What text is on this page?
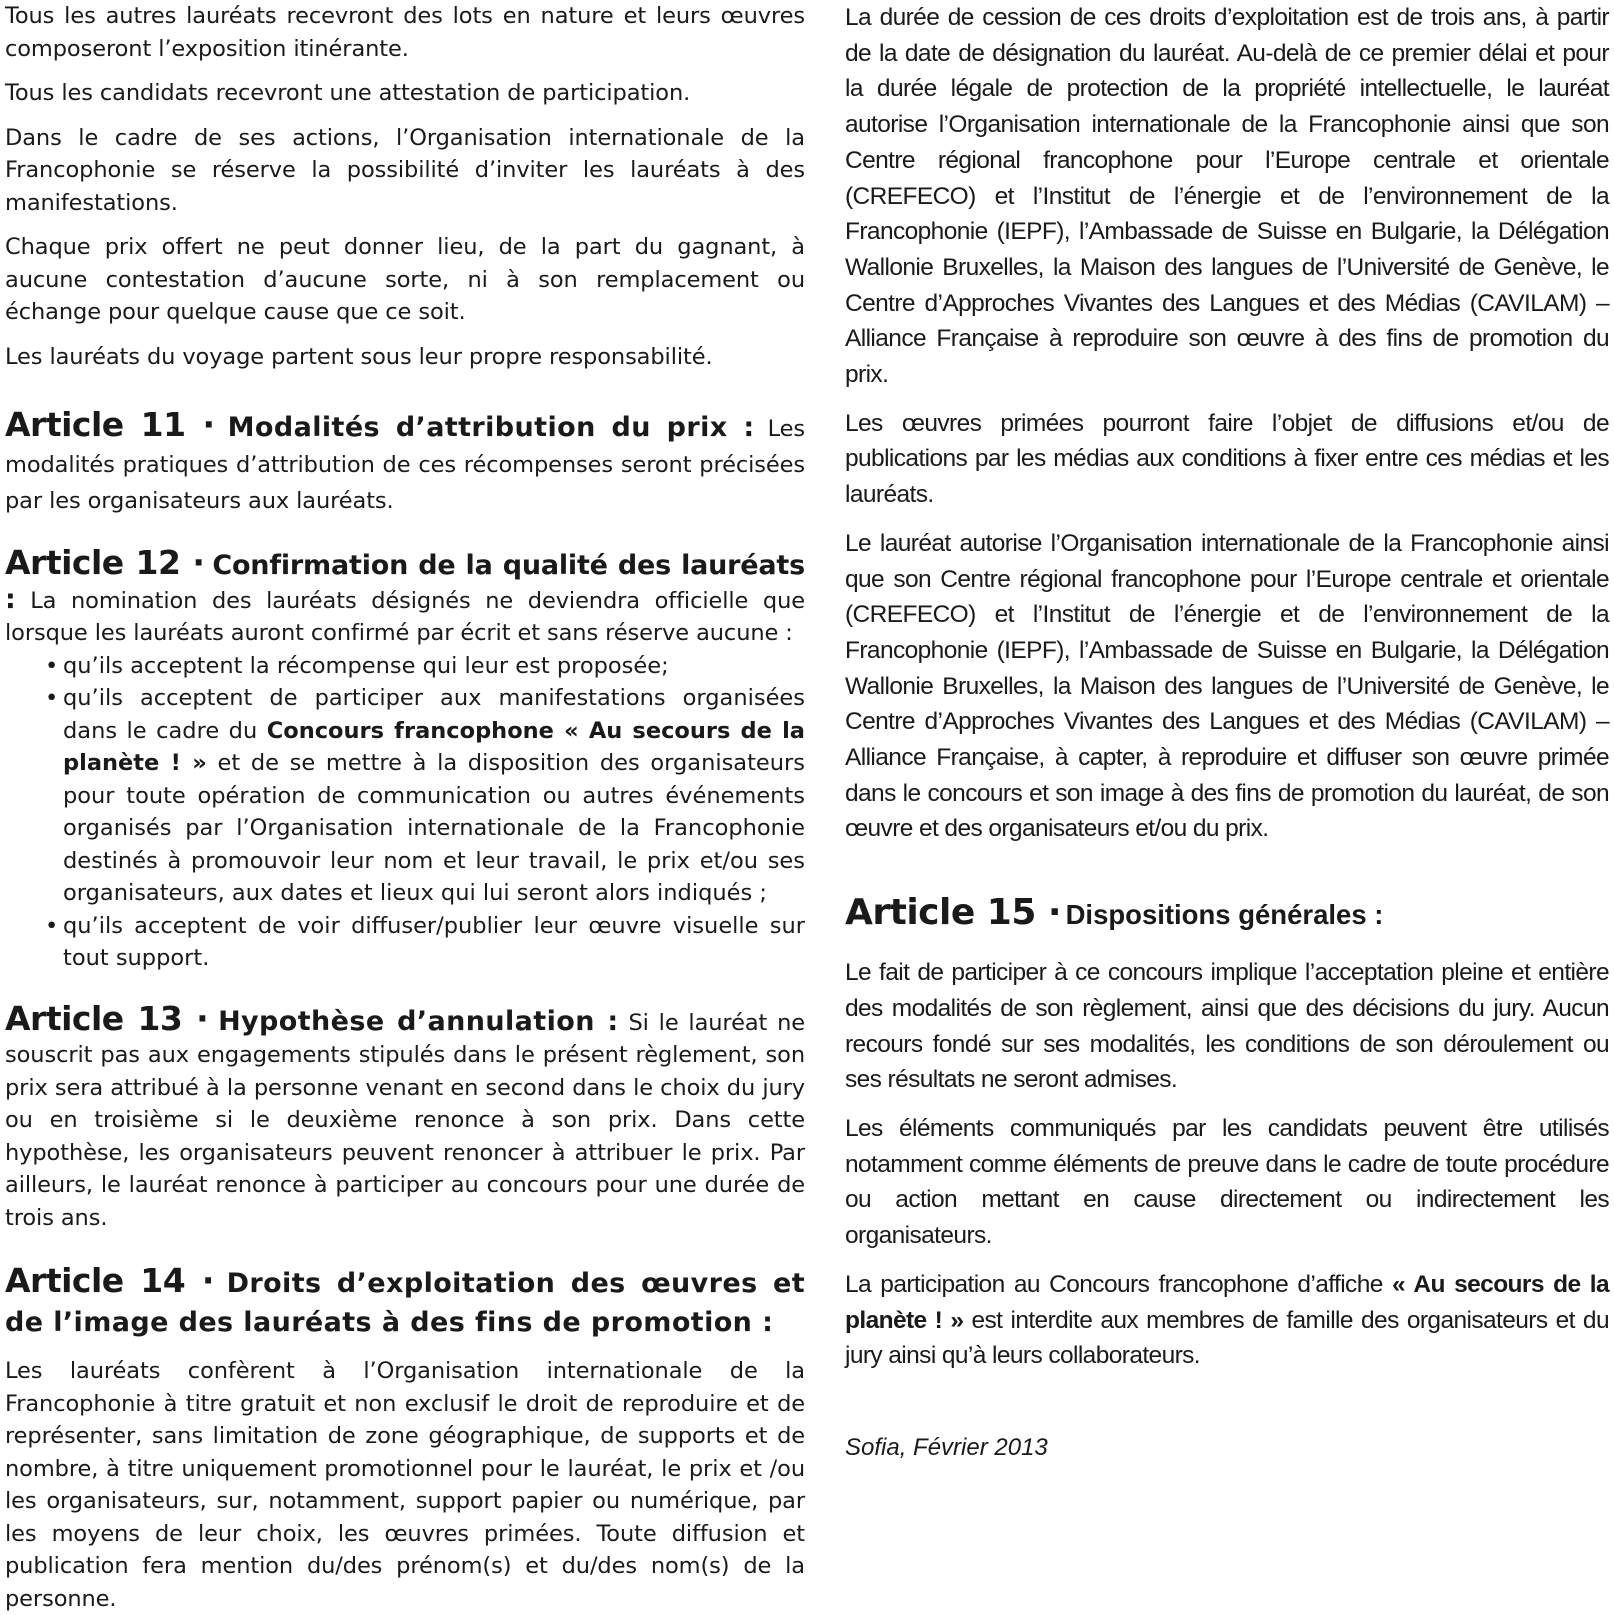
Tous les autres lauréats recevront des lots en nature et leurs œuvres composeront l’exposition itinérante.

Tous les candidats recevront une attestation de participation.

Dans le cadre de ses actions, l’Organisation internationale de la Francophonie se réserve la possibilité d’inviter les lauréats à des manifestations.

Chaque prix offert ne peut donner lieu, de la part du gagnant, à aucune contestation d’aucune sorte, ni à son remplacement ou échange pour quelque cause que ce soit.

Les lauréats du voyage partent sous leur propre responsabilité.

Article 11 · Modalités d’attribution du prix : Les modalités pratiques d’attribution de ces récompenses seront précisées par les organisateurs aux lauréats.

Article 12 · Confirmation de la qualité des lauréats : La nomination des lauréats désignés ne deviendra officielle que lorsque les lauréats auront confirmé par écrit et sans réserve aucune :

• qu’ils acceptent la récompense qui leur est proposée;
• qu’ils acceptent de participer aux manifestations organisées dans le cadre du Concours francophone « Au secours de la planète ! » et de se mettre à la disposition des organisateurs pour toute opération de communication ou autres événements organisés par l’Organisation internationale de la Francophonie destinés à promouvoir leur nom et leur travail, le prix et/ou ses organisateurs, aux dates et lieux qui lui seront alors indiqués ;
• qu’ils acceptent de voir diffuser/publier leur œuvre visuelle sur tout support.

Article 13 · Hypothèse d’annulation : Si le lauréat ne souscrit pas aux engagements stipulés dans le présent règlement, son prix sera attribué à la personne venant en second dans le choix du jury ou en troisième si le deuxième renonce à son prix. Dans cette hypothèse, les organisateurs peuvent renoncer à attribuer le prix. Par ailleurs, le lauréat renonce à participer au concours pour une durée de trois ans.

Article 14 · Droits d’exploitation des œuvres et de l’image des lauréats à des fins de promotion :

Les lauréats confèrent à l’Organisation internationale de la Francophonie à titre gratuit et non exclusif le droit de reproduire et de représenter, sans limitation de zone géographique, de supports et de nombre, à titre uniquement promotionnel pour le lauréat, le prix et /ou les organisateurs, sur, notamment, support papier ou numérique, par les moyens de leur choix, les œuvres primées. Toute diffusion et publication fera mention du/des prénom(s) et du/des nom(s) de la personne.

La durée de cession de ces droits d’exploitation est de trois ans, à partir de la date de désignation du lauréat. Au-delà de ce premier délai et pour la durée légale de protection de la propriété intellectuelle, le lauréat autorise l’Organisation internationale de la Francophonie ainsi que son Centre régional francophone pour l’Europe centrale et orientale (CREFECO) et l’Institut de l’énergie et de l’environnement de la Francophonie (IEPF), l’Ambassade de Suisse en Bulgarie, la Délégation Wallonie Bruxelles, la Maison des langues de l’Université de Genève, le Centre d’Approches Vivantes des Langues et des Médias (CAVILAM) – Alliance Française à reproduire son œuvre à des fins de promotion du prix.

Les œuvres primées pourront faire l’objet de diffusions et/ou de publications par les médias aux conditions à fixer entre ces médias et les lauréats.

Le lauréat autorise l’Organisation internationale de la Francophonie ainsi que son Centre régional francophone pour l’Europe centrale et orientale (CREFECO) et l’Institut de l’énergie et de l’environnement de la Francophonie (IEPF), l’Ambassade de Suisse en Bulgarie, la Délégation Wallonie Bruxelles, la Maison des langues de l’Université de Genève, le Centre d’Approches Vivantes des Langues et des Médias (CAVILAM) – Alliance Française, à capter, à reproduire et diffuser son œuvre primée dans le concours et son image à des fins de promotion du lauréat, de son œuvre et des organisateurs et/ou du prix.

Article 15 · Dispositions générales :

Le fait de participer à ce concours implique l’acceptation pleine et entière des modalités de son règlement, ainsi que des décisions du jury. Aucun recours fondé sur ses modalités, les conditions de son déroulement ou ses résultats ne seront admises.

Les éléments communiqués par les candidats peuvent être utilisés notamment comme éléments de preuve dans le cadre de toute procédure ou action mettant en cause directement ou indirectement les organisateurs.

La participation au Concours francophone d’affiche « Au secours de la planète ! » est interdite aux membres de famille des organisateurs et du jury ainsi qu’à leurs collaborateurs.

Sofia, Février 2013
